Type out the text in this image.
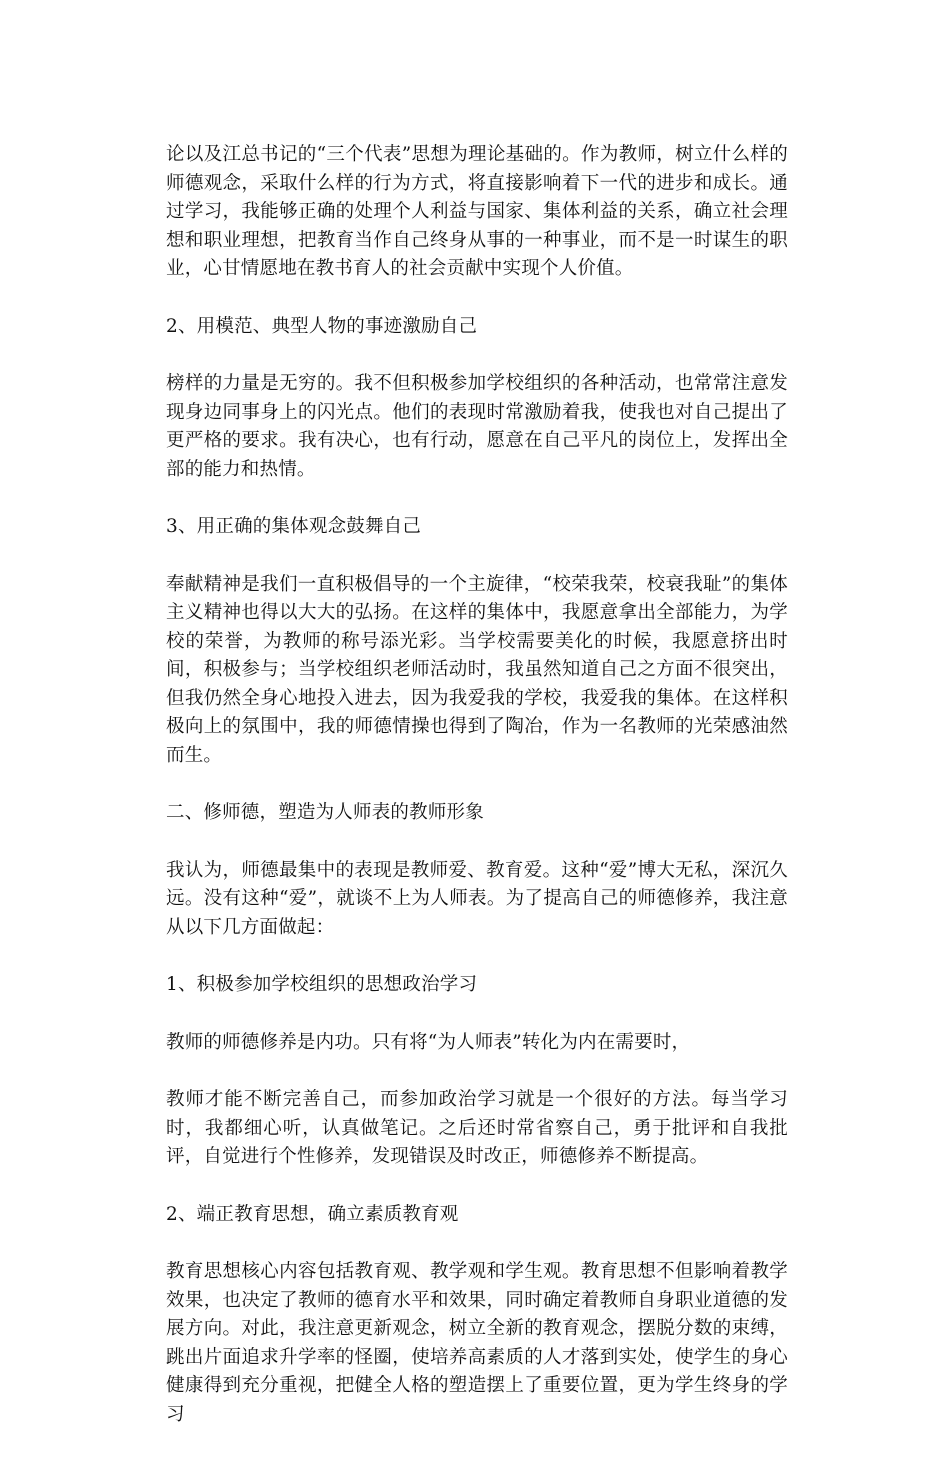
论以及江总书记的“三个代表”思想为理论基础的。作为教师，树立什么样的师德观念，采取什么样的行为方式，将直接影响着下一代的进步和成长。通过学习，我能够正确的处理个人利益与国家、集体利益的关系，确立社会理想和职业理想，把教育当作自己终身从事的一种事业，而不是一时谋生的职业，心甘情愿地在教书育人的社会贡献中实现个人价值。

2、用模范、典型人物的事迹激励自己

榜样的力量是无穷的。我不但积极参加学校组织的各种活动，也常常注意发现身边同事身上的闪光点。他们的表现时常激励着我，使我也对自己提出了更严格的要求。我有决心，也有行动，愿意在自己平凡的岗位上，发挥出全部的能力和热情。

3、用正确的集体观念鼓舞自己

奉献精神是我们一直积极倡导的一个主旋律，“校荣我荣，校衰我耻”的集体主义精神也得以大大的弘扬。在这样的集体中，我愿意拿出全部能力，为学校的荣誉，为教师的称号添光彩。当学校需要美化的时候，我愿意挤出时间，积极参与；当学校组织老师活动时，我虽然知道自己之方面不很突出，但我仍然全身心地投入进去，因为我爱我的学校，我爱我的集体。在这样积极向上的氛围中，我的师德情操也得到了陶冶，作为一名教师的光荣感油然而生。

二、修师德，塑造为人师表的教师形象

我认为，师德最集中的表现是教师爱、教育爱。这种“爱”博大无私，深沉久远。没有这种“爱”，就谈不上为人师表。为了提高自己的师德修养，我注意从以下几方面做起：

1、积极参加学校组织的思想政治学习

教师的师德修养是内功。只有将“为人师表”转化为内在需要时，

教师才能不断完善自己，而参加政治学习就是一个很好的方法。每当学习时，我都细心听，认真做笔记。之后还时常省察自己，勇于批评和自我批评，自觉进行个性修养，发现错误及时改正，师德修养不断提高。

2、端正教育思想，确立素质教育观

教育思想核心内容包括教育观、教学观和学生观。教育思想不但影响着教学效果，也决定了教师的德育水平和效果，同时确定着教师自身职业道德的发展方向。对此，我注意更新观念，树立全新的教育观念，摆脱分数的束缚，跳出片面追求升学率的怪圈，使培养高素质的人才落到实处，使学生的身心健康得到充分重视，把健全人格的塑造摆上了重要位置，更为学生终身的学习
